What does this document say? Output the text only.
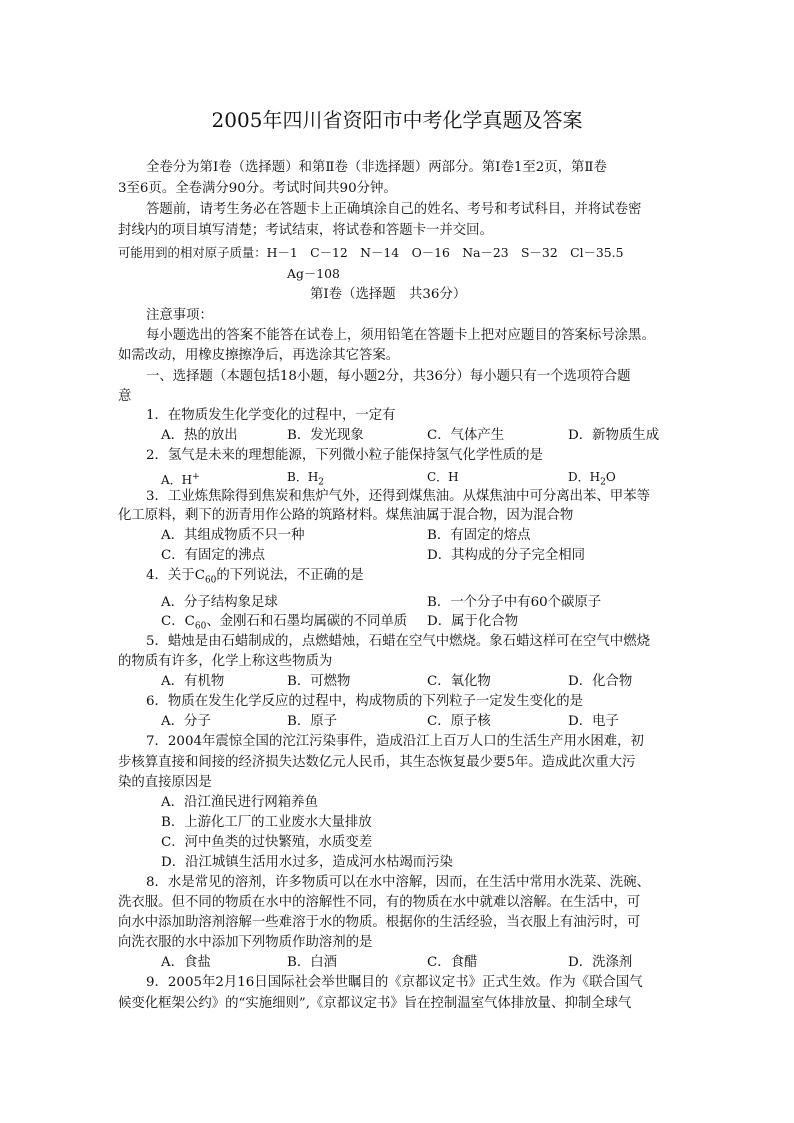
2005年四川省资阳市中考化学真题及答案
全卷分为第Ⅰ卷（选择题）和第Ⅱ卷（非选择题）两部分。第Ⅰ卷1至2页，第Ⅱ卷
3至6页。全卷满分90分。考试时间共90分钟。
答题前，请考生务必在答题卡上正确填涂自己的姓名、考号和考试科目，并将试卷密
封线内的项目填写清楚；考试结束，将试卷和答题卡一并交回。
可能用到的相对原子质量：H－1　C－12　N－14　O－16　Na－23　S－32　Cl－35.5
Ag－108
第Ⅰ卷（选择题　共36分）
注意事项：
每小题选出的答案不能答在试卷上，须用铅笔在答题卡上把对应题目的答案标号涂黑。
如需改动，用橡皮擦擦净后，再选涂其它答案。
一、选择题（本题包括18小题，每小题2分，共36分）每小题只有一个选项符合题
意
1．在物质发生化学变化的过程中，一定有
A．热的放出	B．发光现象	C．气体产生	D．新物质生成
2．氢气是未来的理想能源，下列微小粒子能保持氢气化学性质的是
A．H+	B．$H_2$	C．H	D．$H_2O$
3．工业炼焦除得到焦炭和焦炉气外，还得到煤焦油。从煤焦油中可分离出苯、甲苯等
化工原料，剩下的沥青用作公路的筑路材料。煤焦油属于混合物，因为混合物
A．其组成物质不只一种	B．有固定的熔点
C．有固定的沸点	D．其构成的分子完全相同
4．关于$C_{60}$的下列说法，不正确的是
A．分子结构象足球	B．一个分子中有60个碳原子
C．$C_{60}$、金刚石和石墨均属碳的不同单质 D．属于化合物
5．蜡烛是由石蜡制成的，点燃蜡烛，石蜡在空气中燃烧。象石蜡这样可在空气中燃烧
的物质有许多，化学上称这些物质为
A．有机物	B．可燃物	C．氧化物	D．化合物
6．物质在发生化学反应的过程中，构成物质的下列粒子一定发生变化的是
A．分子	B．原子	C．原子核	D．电子
7．2004年震惊全国的沱江污染事件，造成沿江上百万人口的生活生产用水困难，初
步核算直接和间接的经济损失达数亿元人民币，其生态恢复最少要5年。造成此次重大污
染的直接原因是
A．沿江渔民进行网箱养鱼
B．上游化工厂的工业废水大量排放
C．河中鱼类的过快繁殖，水质变差
D．沿江城镇生活用水过多，造成河水枯竭而污染
8．水是常见的溶剂，许多物质可以在水中溶解，因而，在生活中常用水洗菜、洗碗、
洗衣服。但不同的物质在水中的溶解性不同，有的物质在水中就难以溶解。在生活中，可
向水中添加助溶剂溶解一些难溶于水的物质。根据你的生活经验，当衣服上有油污时，可
向洗衣服的水中添加下列物质作助溶剂的是
A．食盐	B．白酒	C．食醋	D．洗涤剂
9．2005年2月16日国际社会举世瞩目的《京都议定书》正式生效。作为《联合国气
候变化框架公约》的“实施细则”,《京都议定书》旨在控制温室气体排放量、抑制全球气
